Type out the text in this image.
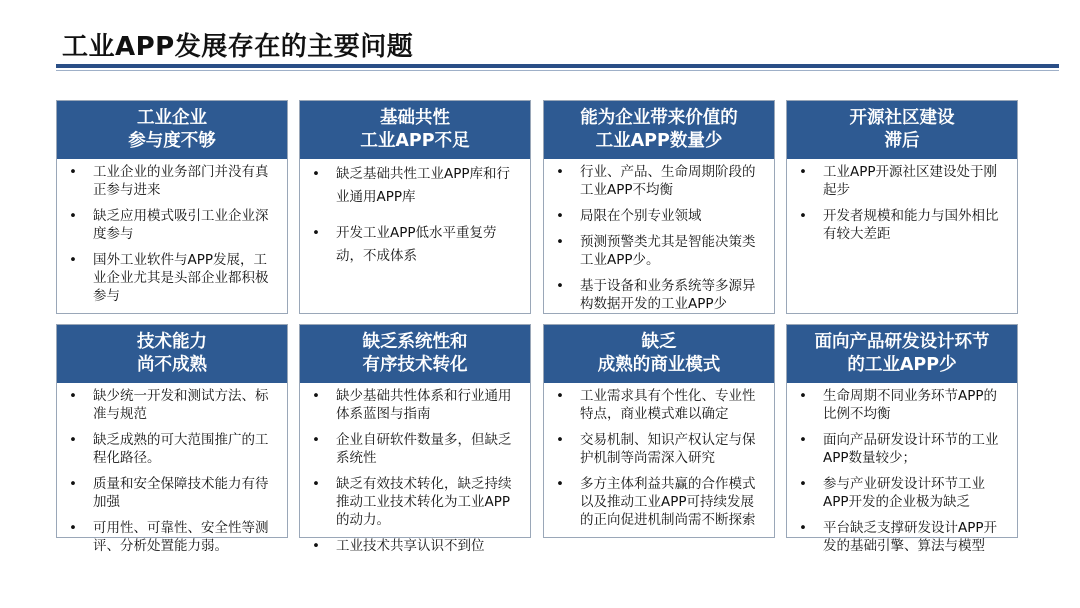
工业APP发展存在的主要问题
工业企业
参与度不够
• 工业企业的业务部门并没有真正参与进来
• 缺乏应用模式吸引工业企业深度参与
• 国外工业软件与APP发展，工业企业尤其是头部企业都积极参与
基础共性
工业APP不足
• 缺乏基础共性工业APP库和行业通用APP库
• 开发工业APP低水平重复劳动，不成体系
能为企业带来价值的
工业APP数量少
• 行业、产品、生命周期阶段的工业APP不均衡
• 局限在个别专业领域
• 预测预警类尤其是智能决策类工业APP少。
• 基于设备和业务系统等多源异构数据开发的工业APP少
开源社区建设
滞后
• 工业APP开源社区建设处于刚起步
• 开发者规模和能力与国外相比有较大差距
技术能力
尚不成熟
• 缺少统一开发和测试方法、标准与规范
• 缺乏成熟的可大范围推广的工程化路径。
• 质量和安全保障技术能力有待加强
• 可用性、可靠性、安全性等测评、分析处置能力弱。
缺乏系统性和
有序技术转化
• 缺少基础共性体系和行业通用体系蓝图与指南
• 企业自研软件数量多，但缺乏系统性
• 缺乏有效技术转化，缺乏持续推动工业技术转化为工业APP的动力。
• 工业技术共享认识不到位
缺乏
成熟的商业模式
• 工业需求具有个性化、专业性特点，商业模式难以确定
• 交易机制、知识产权认定与保护机制等尚需深入研究
• 多方主体利益共赢的合作模式以及推动工业APP可持续发展的正向促进机制尚需不断探索
面向产品研发设计环节
的工业APP少
• 生命周期不同业务环节APP的比例不均衡
• 面向产品研发设计环节的工业APP数量较少；
• 参与产业研发设计环节工业APP开发的企业极为缺乏
• 平台缺乏支撑研发设计APP开发的基础引擎、算法与模型
